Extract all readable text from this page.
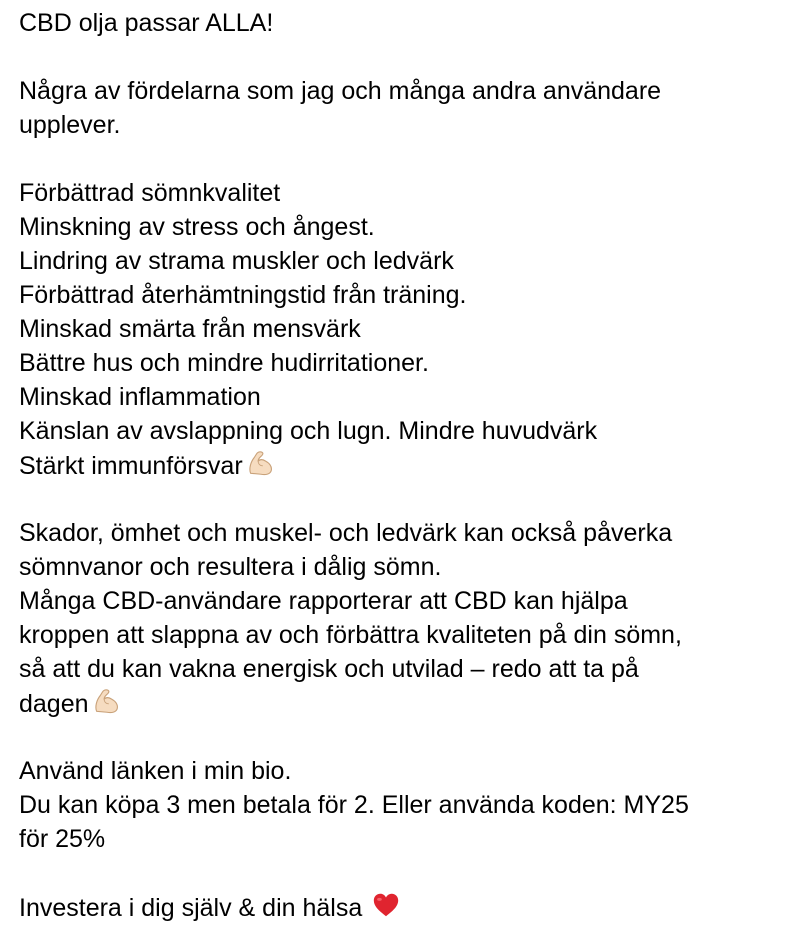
CBD olja passar ALLA!
Några av fördelarna som jag och många andra användare
upplever.
Förbättrad sömnkvalitet
Minskning av stress och ångest.
Lindring av strama muskler och ledvärk
Förbättrad återhämtningstid från träning.
Minskad smärta från mensvärk
Bättre hus och mindre hudirritationer.
Minskad inflammation
Känslan av avslappning och lugn. Mindre huvudvärk
Stärkt immunförsvar
Skador, ömhet och muskel- och ledvärk kan också påverka
sömnvanor och resultera i dålig sömn.
Många CBD-användare rapporterar att CBD kan hjälpa
kroppen att slappna av och förbättra kvaliteten på din sömn,
så att du kan vakna energisk och utvilad – redo att ta på
dagen
Använd länken i min bio.
Du kan köpa 3 men betala för 2. Eller använda koden: MY25
för 25%
Investera i dig själv & din hälsa
